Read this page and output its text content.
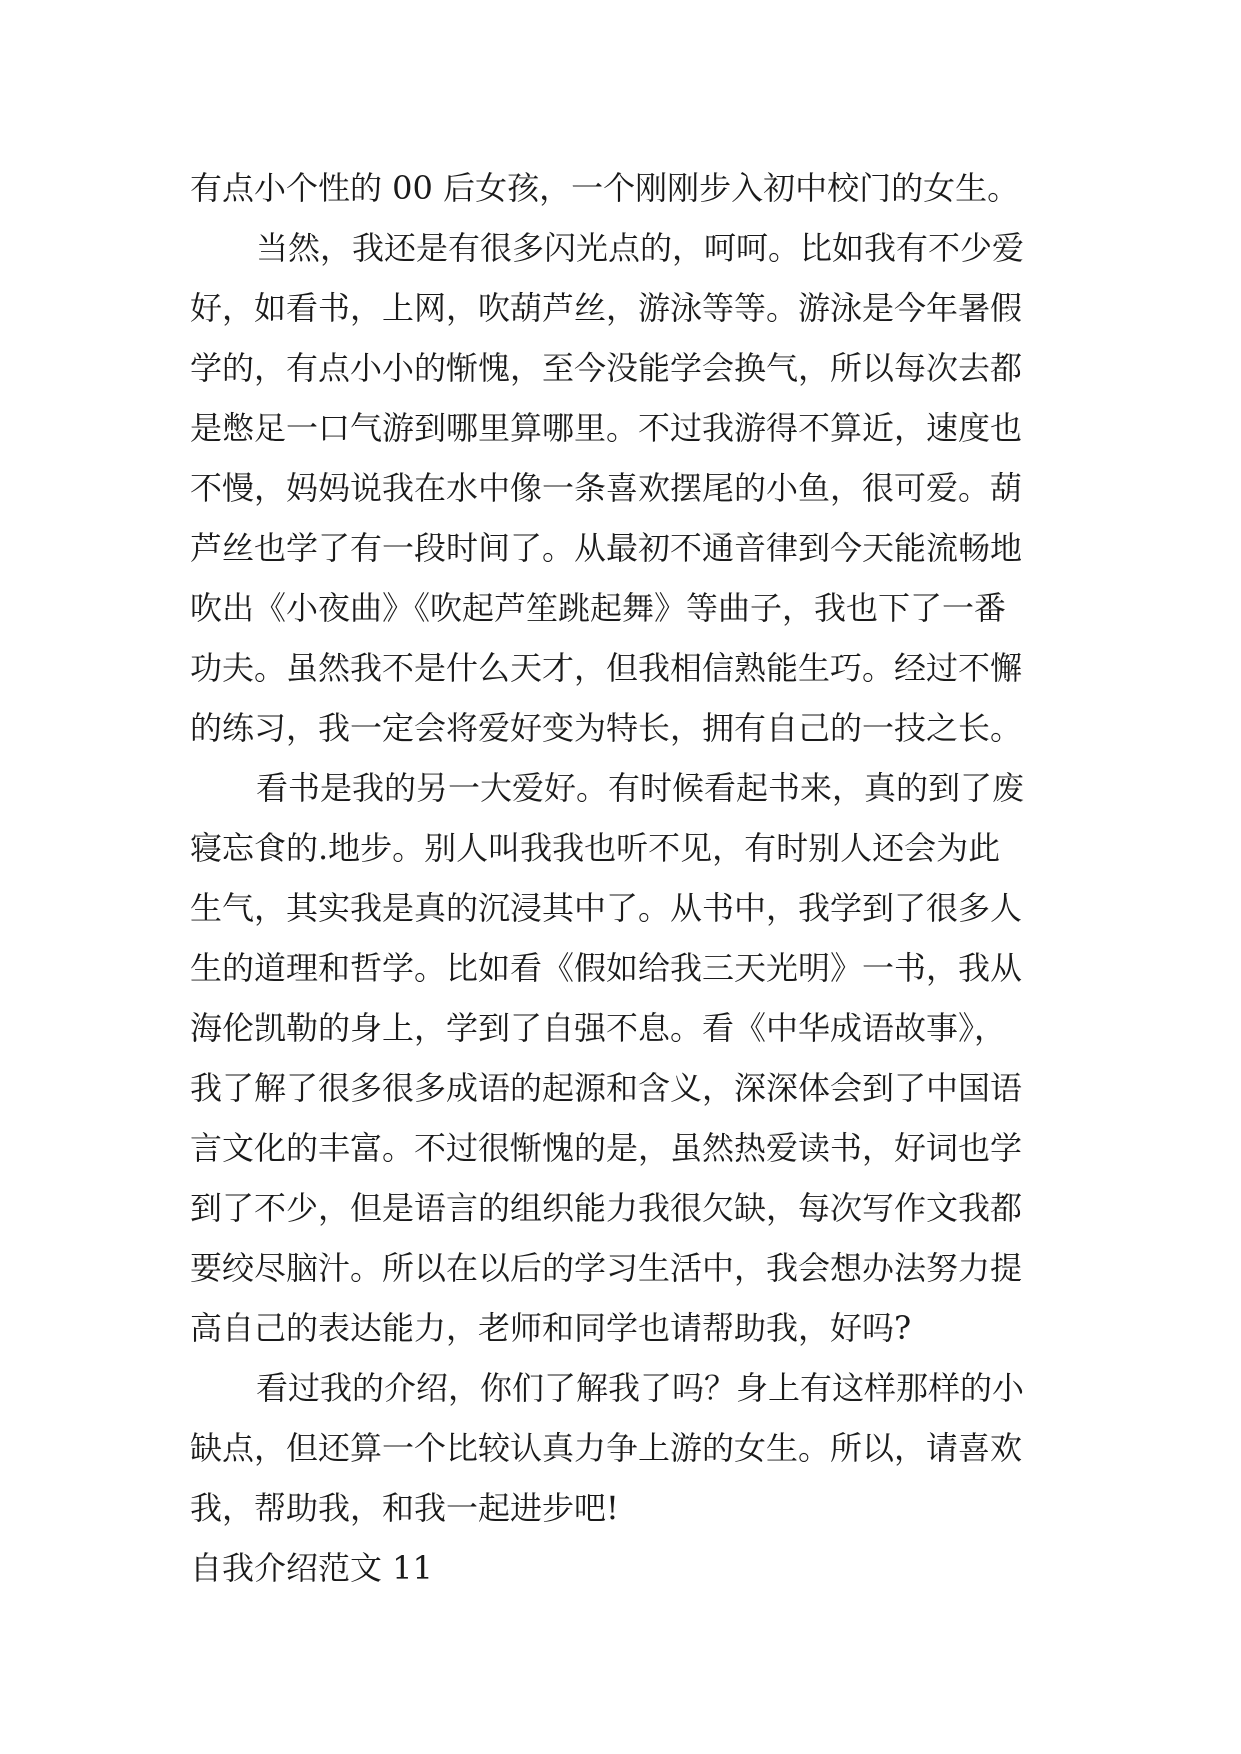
有点小个性的 00 后女孩，一个刚刚步入初中校门的女生。
当然，我还是有很多闪光点的，呵呵。比如我有不少爱
好，如看书，上网，吹葫芦丝，游泳等等。游泳是今年暑假
学的，有点小小的惭愧，至今没能学会换气，所以每次去都
是憋足一口气游到哪里算哪里。不过我游得不算近，速度也
不慢，妈妈说我在水中像一条喜欢摆尾的小鱼，很可爱。葫
芦丝也学了有一段时间了。从最初不通音律到今天能流畅地
吹出《小夜曲》《吹起芦笙跳起舞》等曲子，我也下了一番
功夫。虽然我不是什么天才，但我相信熟能生巧。经过不懈
的练习，我一定会将爱好变为特长，拥有自己的一技之长。
看书是我的另一大爱好。有时候看起书来，真的到了废
寝忘食的.地步。别人叫我我也听不见，有时别人还会为此
生气，其实我是真的沉浸其中了。从书中，我学到了很多人
生的道理和哲学。比如看《假如给我三天光明》一书，我从
海伦凯勒的身上，学到了自强不息。看《中华成语故事》，
我了解了很多很多成语的起源和含义，深深体会到了中国语
言文化的丰富。不过很惭愧的是，虽然热爱读书，好词也学
到了不少，但是语言的组织能力我很欠缺，每次写作文我都
要绞尽脑汁。所以在以后的学习生活中，我会想办法努力提
高自己的表达能力，老师和同学也请帮助我，好吗?
看过我的介绍，你们了解我了吗？身上有这样那样的小
缺点，但还算一个比较认真力争上游的女生。所以，请喜欢
我，帮助我，和我一起进步吧!
自我介绍范文 11
